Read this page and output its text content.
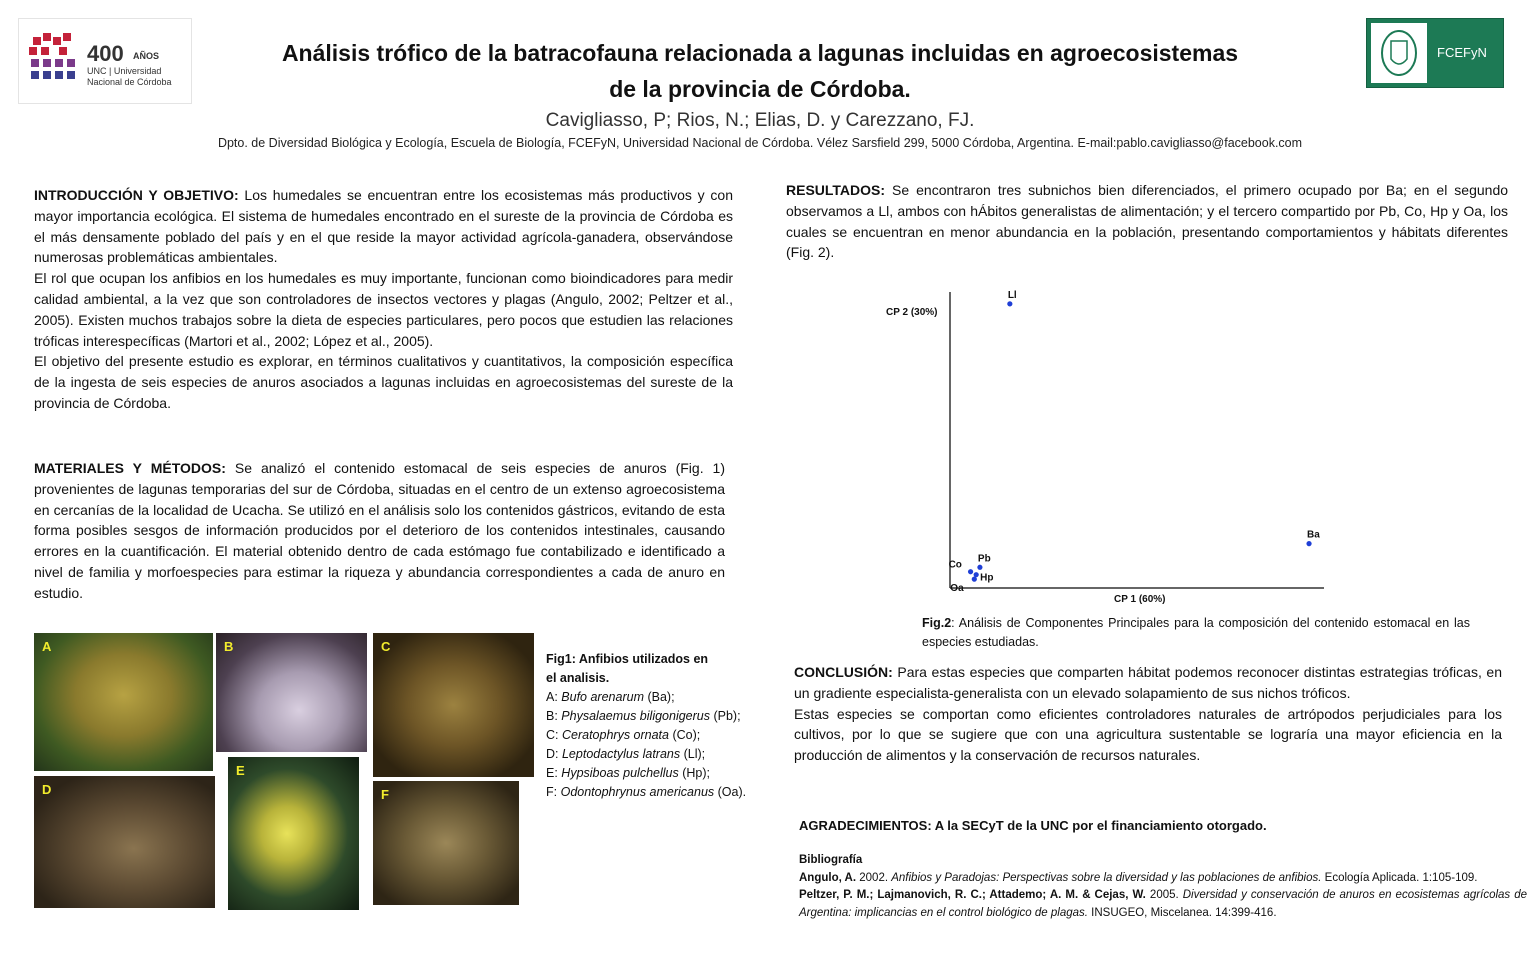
400 AÑOS
UNC | Universidad
Nacional de Córdoba
FCEFyN
Análisis trófico de la batracofauna relacionada a lagunas incluidas en agroecosistemas
de la provincia de Córdoba.
Cavigliasso, P; Rios, N.; Elias, D. y Carezzano, FJ.
Dpto. de Diversidad Biológica y Ecología, Escuela de Biología, FCEFyN, Universidad Nacional de Córdoba. Vélez Sarsfield 299, 5000 Córdoba, Argentina. E-mail:pablo.cavigliasso@facebook.com

INTRODUCCIÓN Y OBJETIVO: Los humedales se encuentran entre los ecosistemas más productivos y con mayor importancia ecológica. El sistema de humedales encontrado en el sureste de la provincia de Córdoba es el más densamente poblado del país y en el que reside la mayor actividad agrícola-ganadera, observándose numerosas problemáticas ambientales.

El rol que ocupan los anfibios en los humedales es muy importante, funcionan como bioindicadores para medir calidad ambiental, a la vez que son controladores de insectos vectores y plagas (Angulo, 2002; Peltzer et al., 2005). Existen muchos trabajos sobre la dieta de especies particulares, pero pocos que estudien las relaciones tróficas interespecíficas (Martori et al., 2002; López et al., 2005).

El objetivo del presente estudio es explorar, en términos cualitativos y cuantitativos, la composición específica de la ingesta de seis especies de anuros asociados a lagunas incluidas en agroecosistemas del sureste de la provincia de Córdoba.

MATERIALES Y MÉTODOS: Se analizó el contenido estomacal de seis especies de anuros (Fig. 1) provenientes de lagunas temporarias del sur de Córdoba, situadas en el centro de un extenso agroecosistema en cercanías de la localidad de Ucacha. Se utilizó en el análisis solo los contenidos gástricos, evitando de esta forma posibles sesgos de información producidos por el deterioro de los contenidos intestinales, causando errores en la cuantificación. El material obtenido dentro de cada estómago fue contabilizado e identificado a nivel de familia y morfoespecies para estimar la riqueza y abundancia correspondientes a cada de anuro en estudio.

A	B	C
D
E
F
Fig1: Anfibios utilizados en
el analisis.
A: Bufo arenarum (Ba);
B: Physalaemus biligonigerus (Pb);
C: Ceratophrys ornata (Co);
D: Leptodactylus latrans (Ll);
E: Hypsiboas pulchellus (Hp);
F: Odontophrynus americanus (Oa).

RESULTADOS: Se encontraron tres subnichos bien diferenciados, el primero ocupado por Ba; en el segundo observamos a Ll, ambos con hÁbitos generalistas de alimentación; y el tercero compartido por Pb, Co, Hp y Oa, los cuales se encuentran en menor abundancia en la población, presentando comportamientos y hábitats diferentes (Fig. 2).

CP 2 (30%)
CP 1 (60%)
Ll
Ba
Pb
Co
Hp
Oa
Fig.2: Análisis de Componentes Principales para la composición del contenido estomacal en las especies estudiadas.

CONCLUSIÓN: Para estas especies que comparten hábitat podemos reconocer distintas estrategias tróficas, en un gradiente especialista-generalista con un elevado solapamiento de sus nichos tróficos.

Estas especies se comportan como eficientes controladores naturales de artrópodos perjudiciales para los cultivos, por lo que se sugiere que con una agricultura sustentable se lograría una mayor eficiencia en la producción de alimentos y la conservación de recursos naturales.

AGRADECIMIENTOS: A la SECyT de la UNC por el financiamiento otorgado.

Bibliografía

Angulo, A. 2002. Anfibios y Paradojas: Perspectivas sobre la diversidad y las poblaciones de anfibios. Ecología Aplicada. 1:105-109.

Peltzer, P. M.; Lajmanovich, R. C.; Attademo; A. M. & Cejas, W. 2005. Diversidad y conservación de anuros en ecosistemas agrícolas de Argentina: implicancias en el control biológico de plagas. INSUGEO, Miscelanea. 14:399-416.
